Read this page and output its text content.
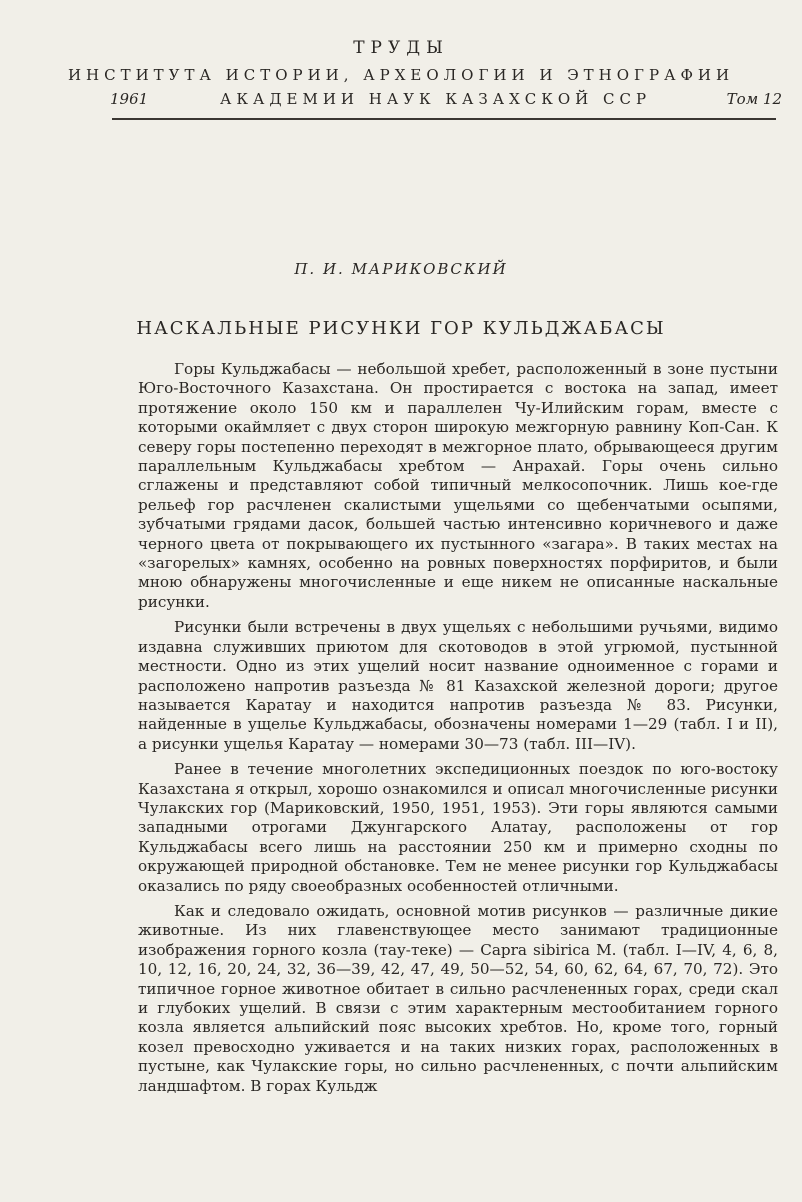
ТРУДЫ
ИНСТИТУТА ИСТОРИИ, АРХЕОЛОГИИ И ЭТНОГРАФИИ
1961	АКАДЕМИИ НАУК КАЗАХСКОЙ ССР	Том 12
П. И. МАРИКОВСКИЙ
НАСКАЛЬНЫЕ РИСУНКИ ГОР КУЛЬДЖАБАСЫ

Горы Кульджабасы — небольшой хребет, расположенный в зоне пустыни Юго-Восточного Казахстана. Он простирается с востока на запад, имеет протяжение около 150 км и параллелен Чу-Илийским горам, вместе с которыми окаймляет с двух сторон широкую межгорную равнину Коп-Сан. К северу горы постепенно переходят в межгорное плато, обрывающееся другим параллельным Кульджабасы хребтом — Анрахай. Горы очень сильно сглажены и представляют собой типичный мелкосопочник. Лишь кое-где рельеф гор расчленен скалистыми ущельями со щебенчатыми осыпями, зубчатыми грядами дасок, большей частью интенсивно коричневого и даже черного цвета от покрывающего их пустынного «загара». В таких местах на «загорелых» камнях, особенно на ровных поверхностях порфиритов, и были мною обнаружены многочисленные и еще никем не описанные наскальные рисунки.

Рисунки были встречены в двух ущельях с небольшими ручьями, видимо издавна служивших приютом для скотоводов в этой угрюмой, пустынной местности. Одно из этих ущелий носит название одноименное с горами и расположено напротив разъезда № 81 Казахской железной дороги; другое называется Каратау и находится напротив разъезда № 83. Рисунки, найденные в ущелье Кульджабасы, обозначены номерами 1—29 (табл. I и II), а рисунки ущелья Каратау — номерами 30—73 (табл. III—IV).

Ранее в течение многолетних экспедиционных поездок по юго-востоку Казахстана я открыл, хорошо ознакомился и описал многочисленные рисунки Чулакских гор (Мариковский, 1950, 1951, 1953). Эти горы являются самыми западными отрогами Джунгарского Алатау, расположены от гор Кульджабасы всего лишь на расстоянии 250 км и примерно сходны по окружающей природной обстановке. Тем не менее рисунки гор Кульджабасы оказались по ряду своеобразных особенностей отличными.

Как и следовало ожидать, основной мотив рисунков — различные дикие животные. Из них главенствующее место занимают традиционные изображения горного козла (тау-теке) — Capra sibirica M. (табл. I—IV, 4, 6, 8, 10, 12, 16, 20, 24, 32, 36—39, 42, 47, 49, 50—52, 54, 60, 62, 64, 67, 70, 72). Это типичное горное животное обитает в сильно расчлененных горах, среди скал и глубоких ущелий. В связи с этим характерным местообитанием горного козла является альпийский пояс высоких хребтов. Но, кроме того, горный козел превосходно уживается и на таких низких горах, расположенных в пустыне, как Чулакские горы, но сильно расчлененных, с почти альпийским ландшафтом. В горах Кульдж
